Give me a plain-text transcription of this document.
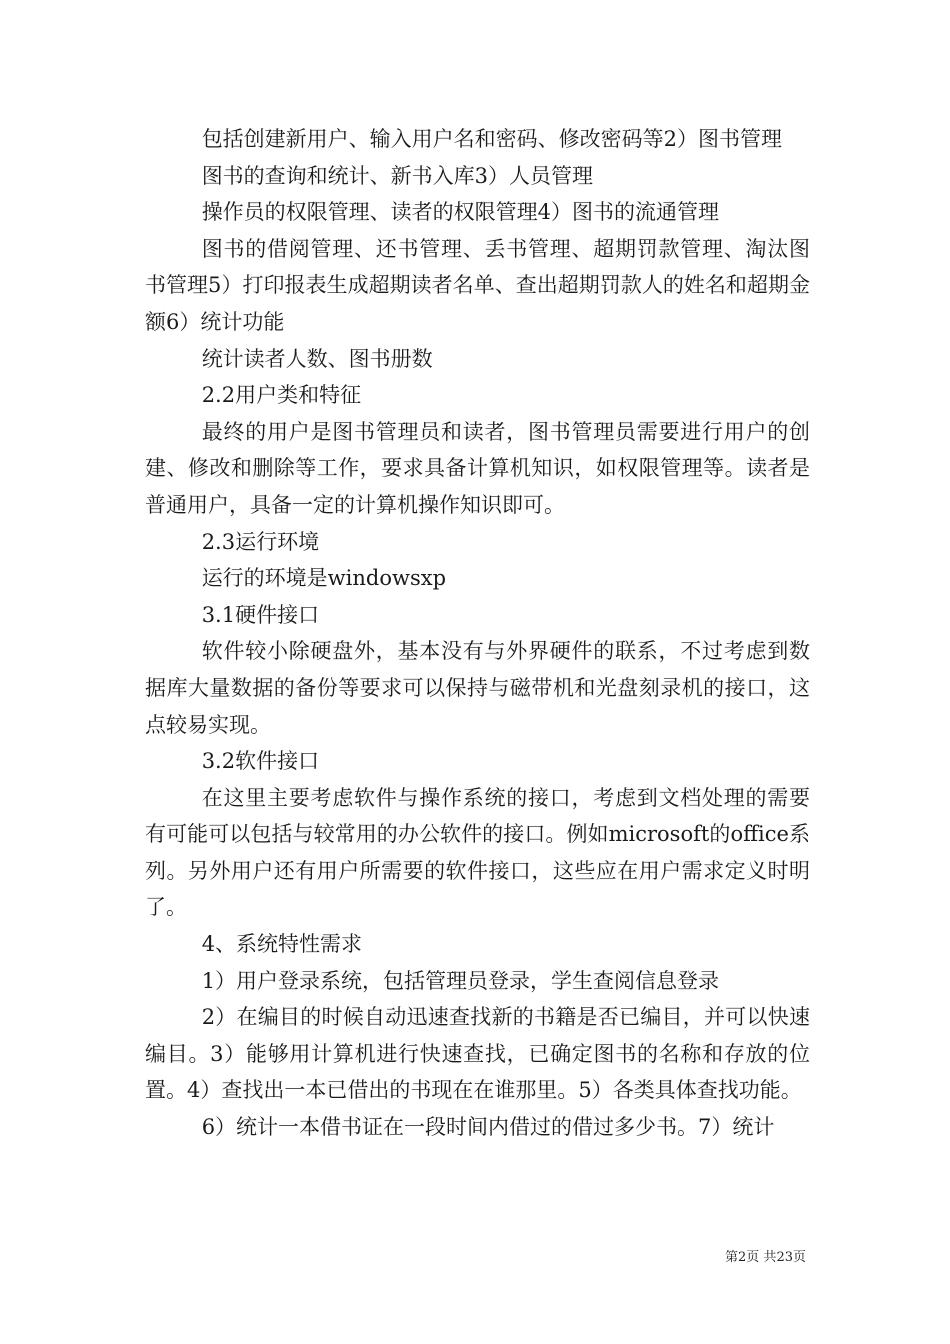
包括创建新用户、输入用户名和密码、修改密码等2）图书管理

图书的查询和统计、新书入库3）人员管理

操作员的权限管理、读者的权限管理4）图书的流通管理

图书的借阅管理、还书管理、丢书管理、超期罚款管理、淘汰图书管理5）打印报表生成超期读者名单、查出超期罚款人的姓名和超期金额6）统计功能

统计读者人数、图书册数

2.2用户类和特征

最终的用户是图书管理员和读者，图书管理员需要进行用户的创建、修改和删除等工作，要求具备计算机知识，如权限管理等。读者是普通用户，具备一定的计算机操作知识即可。

2.3运行环境

运行的环境是windowsxp

3.1硬件接口

软件较小除硬盘外，基本没有与外界硬件的联系，不过考虑到数据库大量数据的备份等要求可以保持与磁带机和光盘刻录机的接口，这点较易实现。

3.2软件接口

在这里主要考虑软件与操作系统的接口，考虑到文档处理的需要有可能可以包括与较常用的办公软件的接口。例如microsoft的office系列。另外用户还有用户所需要的软件接口，这些应在用户需求定义时明了。

4、系统特性需求

1）用户登录系统，包括管理员登录，学生查阅信息登录

2）在编目的时候自动迅速查找新的书籍是否已编目，并可以快速编目。3）能够用计算机进行快速查找，已确定图书的名称和存放的位置。4）查找出一本已借出的书现在在谁那里。5）各类具体查找功能。

6）统计一本借书证在一段时间内借过的借过多少书。7）统计

第2页 共23页
